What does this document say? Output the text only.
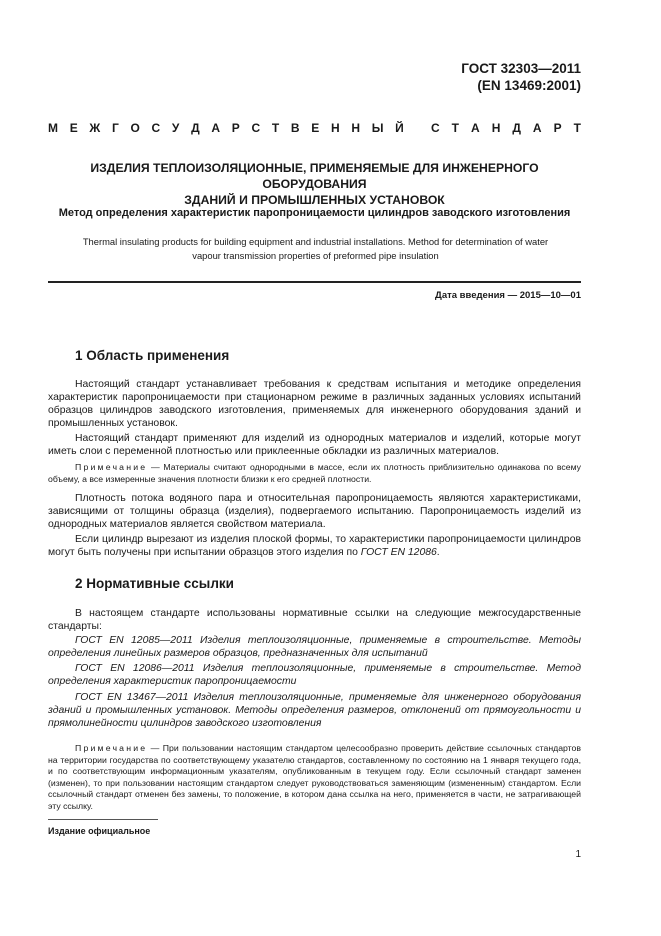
ГОСТ 32303—2011
(EN 13469:2001)
М Е Ж Г О С У Д А Р С Т В Е Н Н Ы Й С Т А Н Д А Р Т
ИЗДЕЛИЯ ТЕПЛОИЗОЛЯЦИОННЫЕ, ПРИМЕНЯЕМЫЕ ДЛЯ ИНЖЕНЕРНОГО ОБОРУДОВАНИЯ
ЗДАНИЙ И ПРОМЫШЛЕННЫХ УСТАНОВОК
Метод определения характеристик паропроницаемости цилиндров заводского изготовления
Thermal insulating products for building equipment and industrial installations. Method for determination of water
vapour transmission properties of preformed pipe insulation
Дата введения — 2015—10—01
1 Область применения

Настоящий стандарт устанавливает требования к средствам испытания и методике определения характеристик паропроницаемости при стационарном режиме в различных заданных условиях испытаний образцов цилиндров заводского изготовления, применяемых для инженерного оборудования зданий и промышленных установок.

Настоящий стандарт применяют для изделий из однородных материалов и изделий, которые могут иметь слои с переменной плотностью или приклеенные обкладки из различных материалов.

Примечание — Материалы считают однородными в массе, если их плотность приблизительно одинакова по всему объему, а все измеренные значения плотности близки к его средней плотности.

Плотность потока водяного пара и относительная паропроницаемость являются характеристиками, зависящими от толщины образца (изделия), подвергаемого испытанию. Паропроницаемость изделий из однородных материалов является свойством материала.

Если цилиндр вырезают из изделия плоской формы, то характеристики паропроницаемости цилиндров могут быть получены при испытании образцов этого изделия по ГОСТ EN 12086.

2 Нормативные ссылки

В настоящем стандарте использованы нормативные ссылки на следующие межгосударственные стандарты:

ГОСТ EN 12085—2011 Изделия теплоизоляционные, применяемые в строительстве. Методы определения линейных размеров образцов, предназначенных для испытаний

ГОСТ EN 12086—2011 Изделия теплоизоляционные, применяемые в строительстве. Метод определения характеристик паропроницаемости

ГОСТ EN 13467—2011 Изделия теплоизоляционные, применяемые для инженерного оборудования зданий и промышленных установок. Методы определения размеров, отклонений от прямоугольности и прямолинейности цилиндров заводского изготовления

Примечание — При пользовании настоящим стандартом целесообразно проверить действие ссылочных стандартов на территории государства по соответствующему указателю стандартов, составленному по состоянию на 1 января текущего года, и по соответствующим информационным указателям, опубликованным в текущем году. Если ссылочный стандарт заменен (изменен), то при пользовании настоящим стандартом следует руководствоваться заменяющим (измененным) стандартом. Если ссылочный стандарт отменен без замены, то положение, в котором дана ссылка на него, применяется в части, не затрагивающей эту ссылку.

Издание официальное
1
